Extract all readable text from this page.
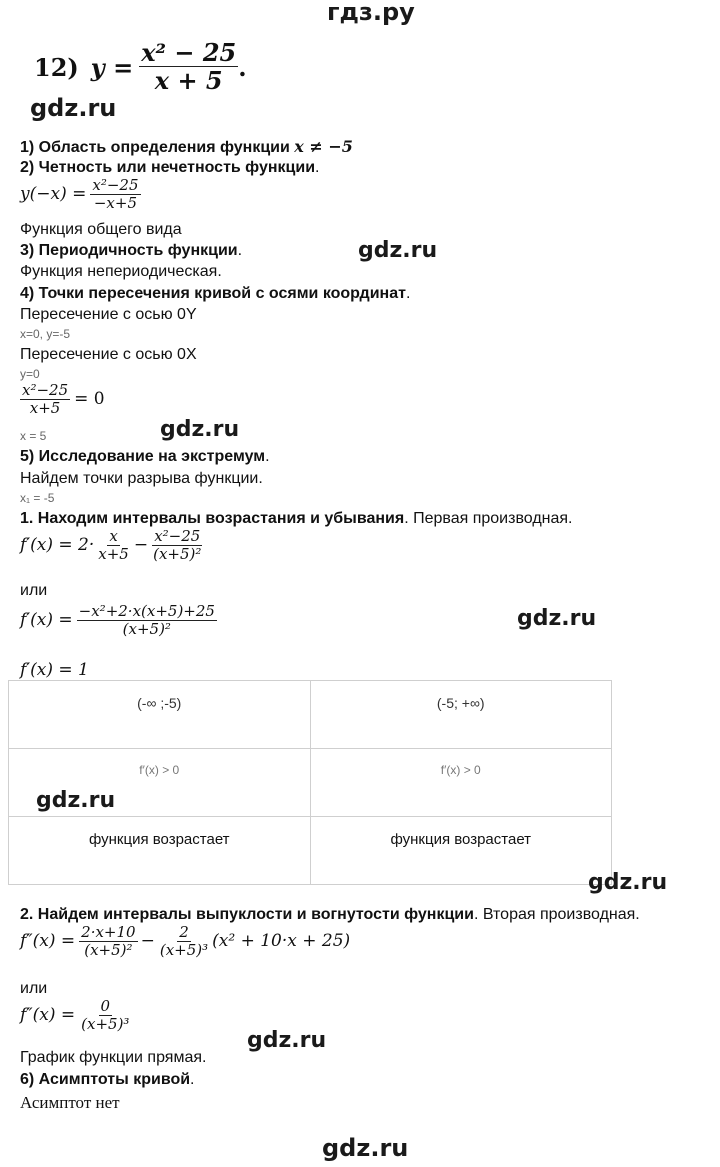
гдз.ру
12) $y = \frac{\text{x² − 25}}{x + 5}$ .
gdz.ru
1) Область определения функции x ≠ −5
2) Четность или нечетность функции.
$y(-x) = \frac{\text{x²−25}}{-x+5}$
Функция общего вида
3) Периодичность функции.	gdz.ru
Функция непериодическая.
4) Точки пересечения кривой с осями координат.
Пересечение с осью 0Y
x=0, y=-5
Пересечение с осью 0X
y=0
$\frac{\text{x²−25}}{x+5} = 0$
x = 5	gdz.ru
5) Исследование на экстремум.
Найдем точки разрыва функции.
x₁ = -5
1. Находим интервалы возрастания и убывания. Первая производная.
$f'(x) = 2\cdot \frac{x}{x+5} - \frac{\text{x²−25}}{\text{(x+5)²}}$
или
$f'(x) = \frac{\text{−x²+2·x(x+5)+25}}{\text{(x+5)²}}$	gdz.ru
f′(x) = 1
(-∞ ;-5)	(-5; +∞)
f′(x) > 0	f′(x) > 0
функция возрастает	функция возрастает
gdz.ru
gdz.ru
2. Найдем интервалы выпуклости и вогнутости функции. Вторая производная.
$f''(x) = \frac{2\cdot x+10}{\text{(x+5)²}} - \frac{2}{\text{(x+5)³}} (x^2 + 10\cdot x + 25)$
или
$f''(x) = \frac{0}{\text{(x+5)³}}$
gdz.ru
График функции прямая.
6) Асимптоты кривой.
Асимптот нет
gdz.ru
